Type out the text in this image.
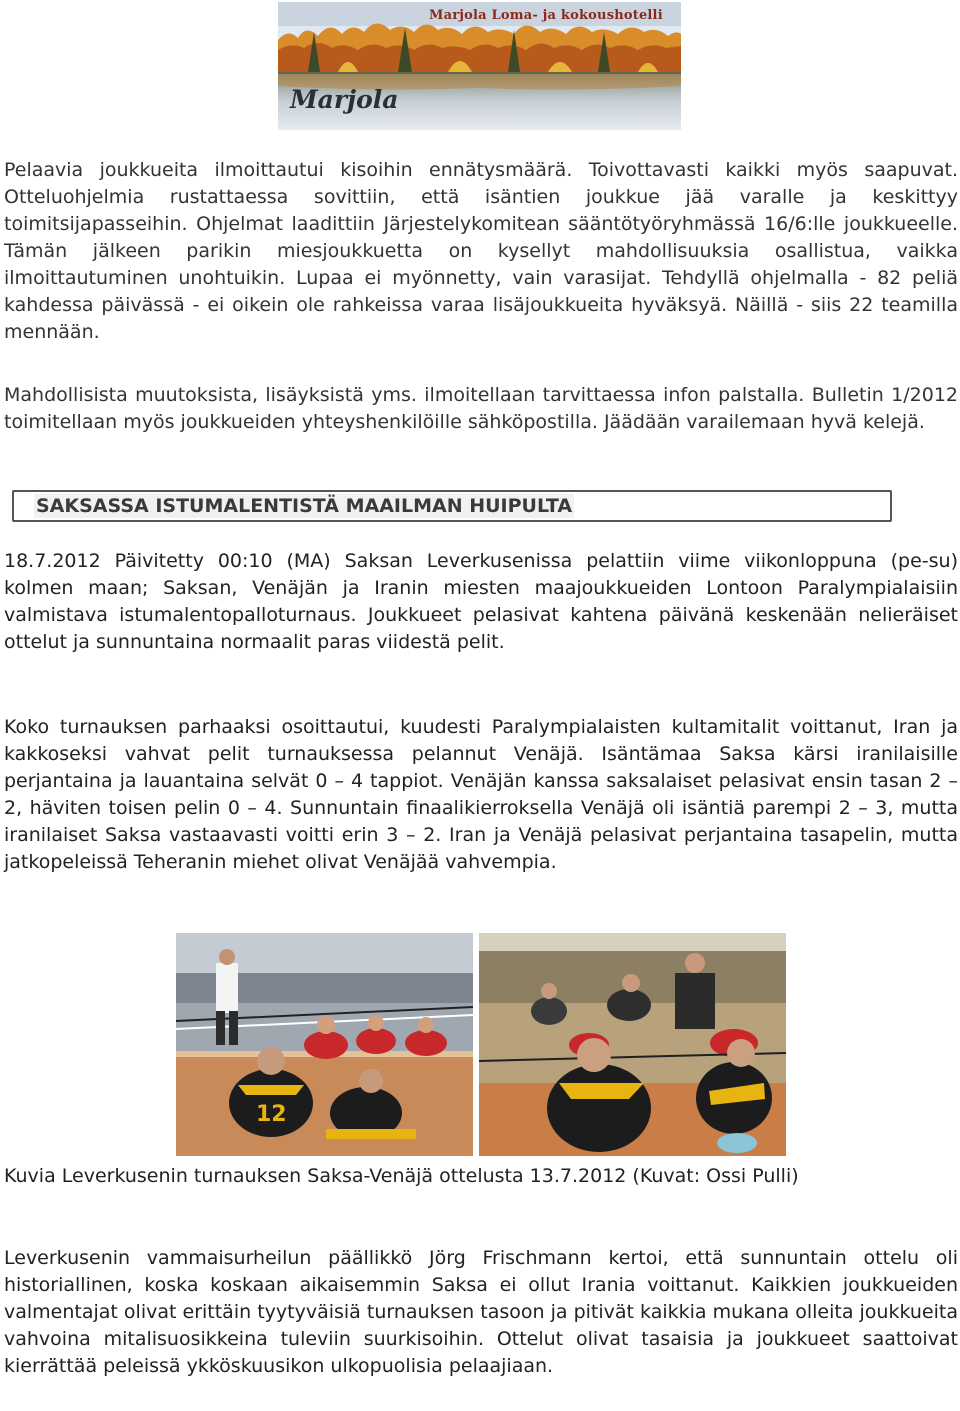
Marjola Loma- ja kokoushotelli
Marjola

Pelaavia joukkueita ilmoittautui kisoihin ennätysmäärä. Toivottavasti kaikki myös saapuvat. Otteluohjelmia rustattaessa sovittiin, että isäntien joukkue jää varalle ja keskittyy toimitsijapasseihin. Ohjelmat laadittiin Järjestelykomitean sääntötyöryhmässä 16/6:lle joukkueelle. Tämän jälkeen parikin miesjoukkuetta on kysellyt mahdollisuuksia osallistua, vaikka ilmoittautuminen unohtuikin. Lupaa ei myönnetty, vain varasijat. Tehdyllä ohjelmalla - 82 peliä kahdessa päivässä - ei oikein ole rahkeissa varaa lisäjoukkueita hyväksyä. Näillä - siis 22 teamilla mennään.

Mahdollisista muutoksista, lisäyksistä yms. ilmoitellaan tarvittaessa infon palstalla. Bulletin 1/2012 toimitellaan myös joukkueiden yhteyshenkilöille sähköpostilla. Jäädään varailemaan hyvä kelejä.

SAKSASSA ISTUMALENTISTÄ MAAILMAN HUIPULTA

18.7.2012 Päivitetty 00:10 (MA) Saksan Leverkusenissa pelattiin viime viikonloppuna (pe-su) kolmen maan; Saksan, Venäjän ja Iranin miesten maajoukkueiden Lontoon Paralympialaisiin valmistava istumalentopalloturnaus. Joukkueet pelasivat kahtena päivänä keskenään nelieräiset ottelut ja sunnuntaina normaalit paras viidestä pelit.

Koko turnauksen parhaaksi osoittautui, kuudesti Paralympialaisten kultamitalit voittanut, Iran ja kakkoseksi vahvat pelit turnauksessa pelannut Venäjä. Isäntämaa Saksa kärsi iranilaisille perjantaina ja lauantaina selvät 0 – 4 tappiot. Venäjän kanssa saksalaiset pelasivat ensin tasan 2 – 2, häviten toisen pelin 0 – 4. Sunnuntain finaalikierroksella Venäjä oli isäntiä parempi 2 – 3, mutta iranilaiset Saksa vastaavasti voitti erin 3 – 2. Iran ja Venäjä pelasivat perjantaina tasapelin, mutta jatkopeleissä Teheranin miehet olivat Venäjää vahvempia.

12

Kuvia Leverkusenin turnauksen Saksa-Venäjä ottelusta 13.7.2012 (Kuvat: Ossi Pulli)

Leverkusenin vammaisurheilun päällikkö Jörg Frischmann kertoi, että sunnuntain ottelu oli historiallinen, koska koskaan aikaisemmin Saksa ei ollut Irania voittanut. Kaikkien joukkueiden valmentajat olivat erittäin tyytyväisiä turnauksen tasoon ja pitivät kaikkia mukana olleita joukkueita vahvoina mitalisuosikkeina tuleviin suurkisoihin. Ottelut olivat tasaisia ja joukkueet saattoivat kierrättää peleissä ykköskuusikon ulkopuolisia pelaajiaan.
